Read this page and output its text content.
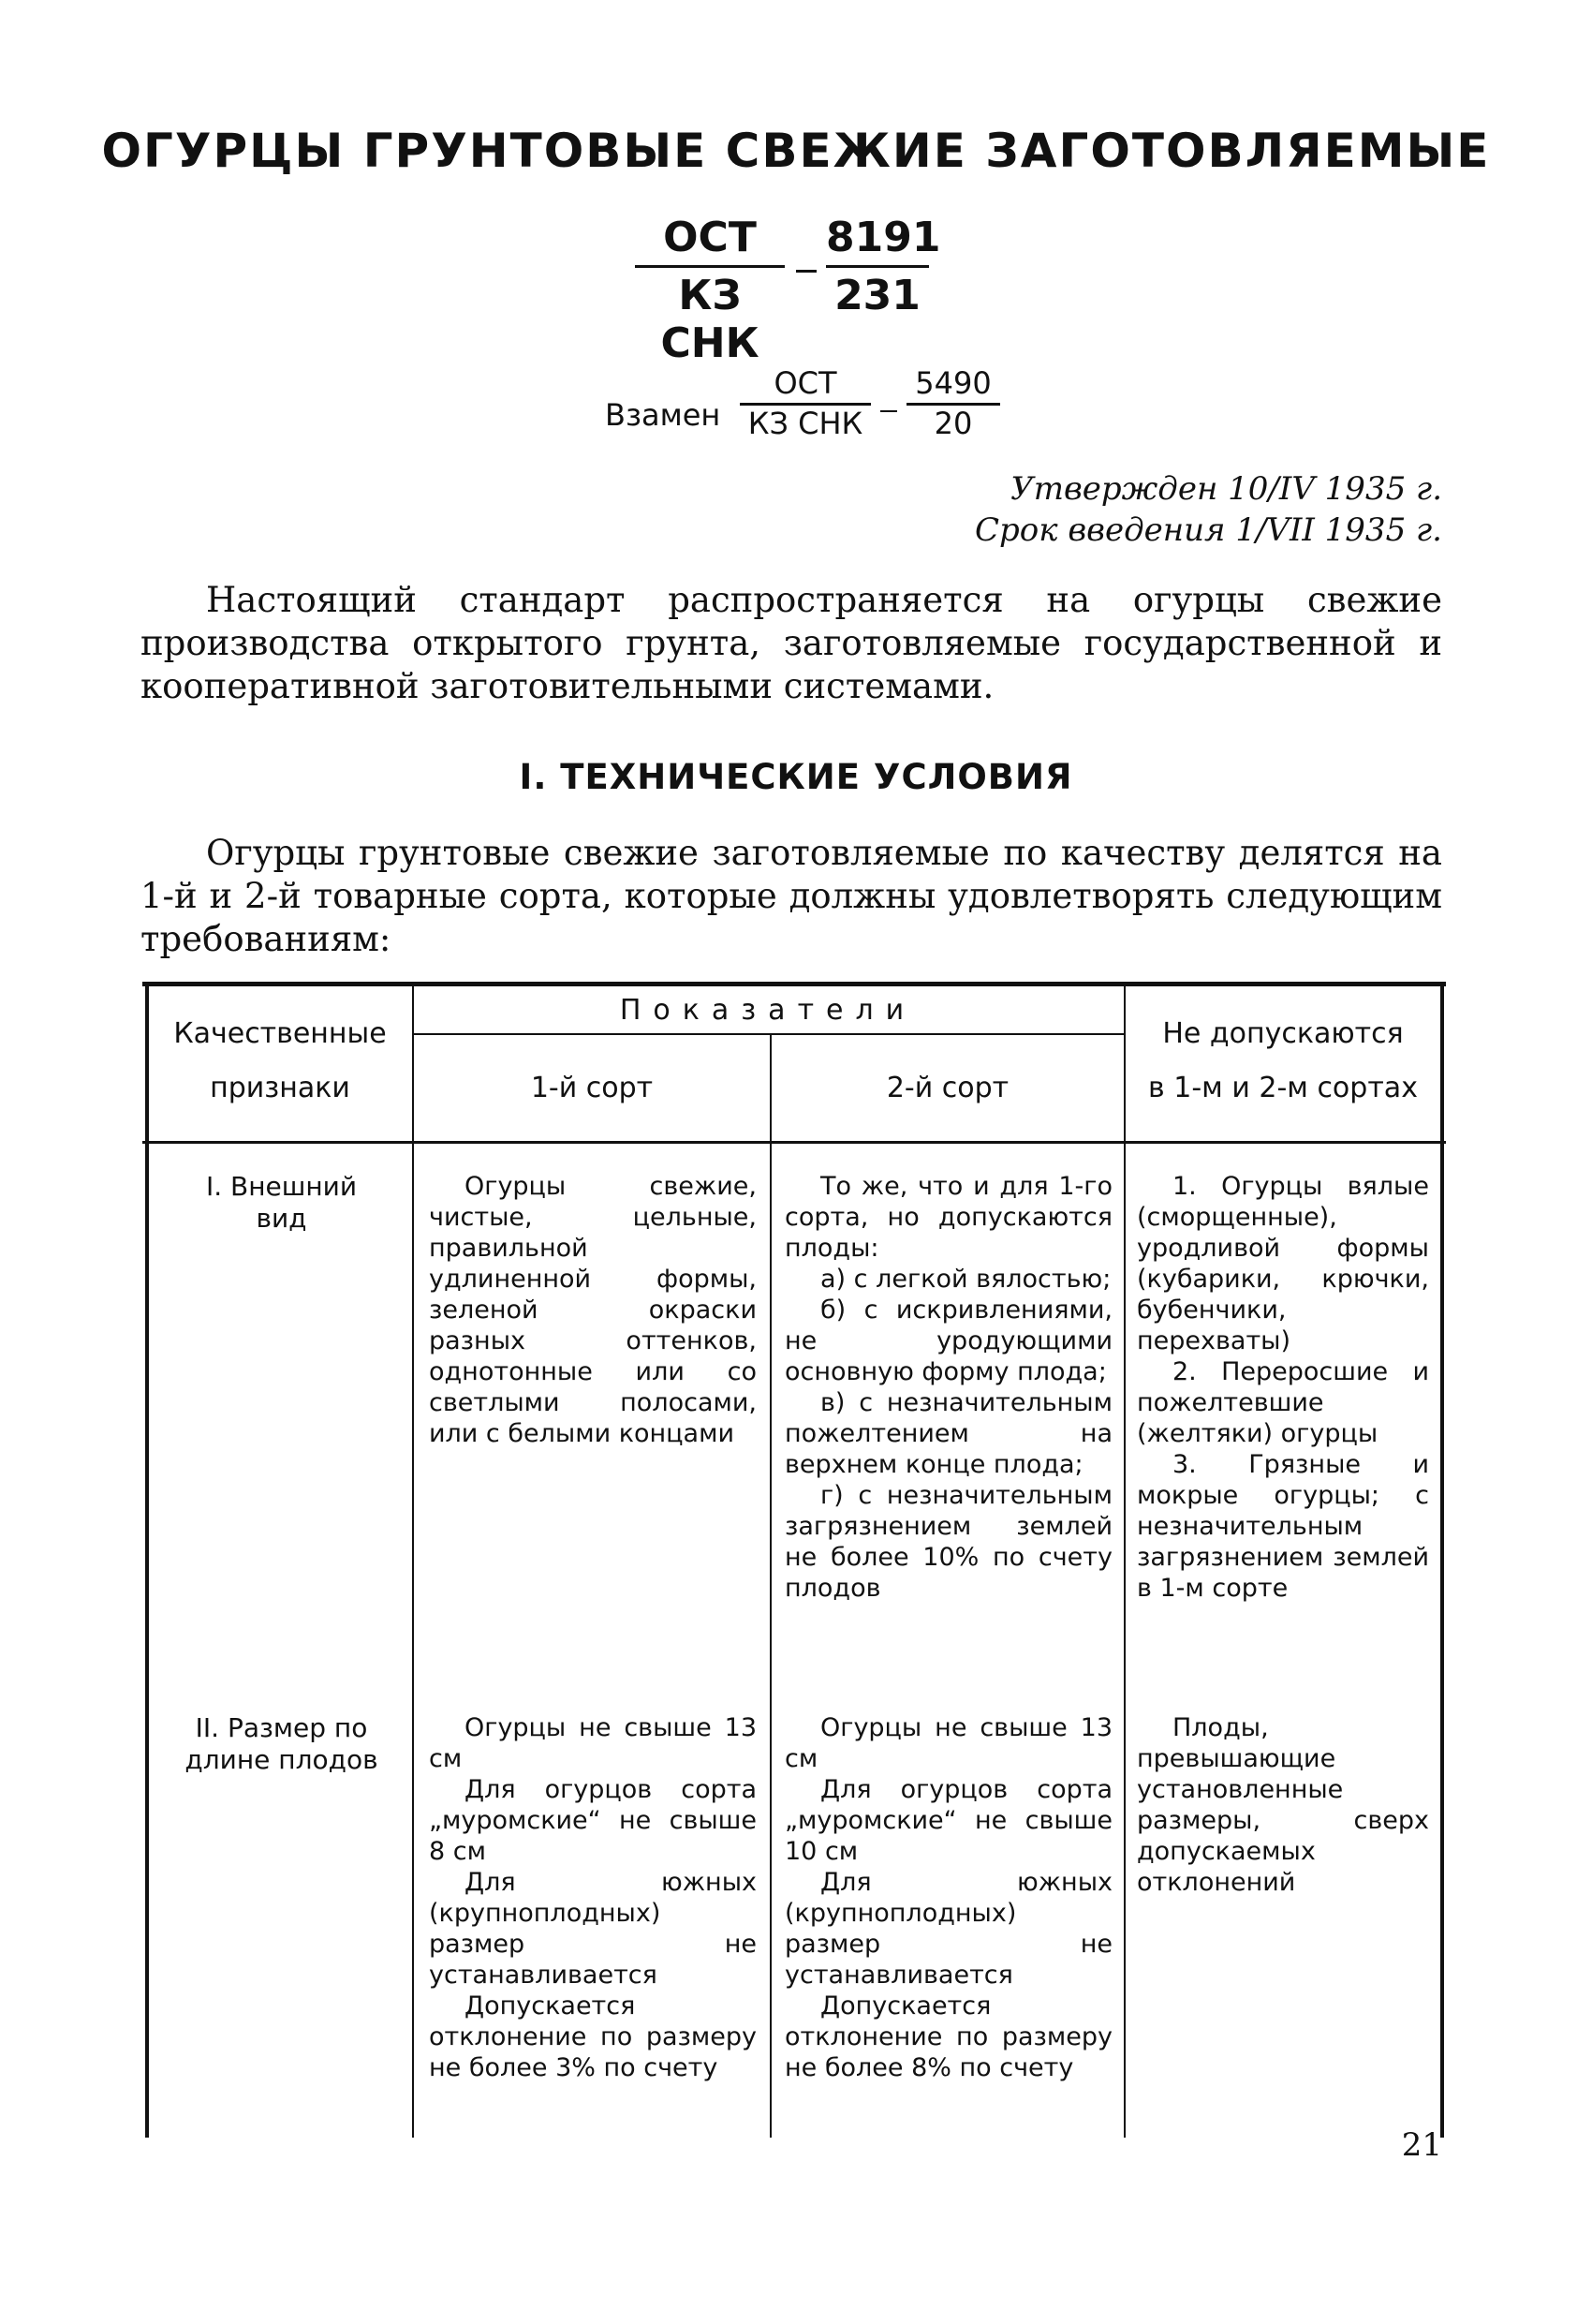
ОГУРЦЫ ГРУНТОВЫЕ СВЕЖИЕ ЗАГОТОВЛЯЕМЫЕ
ОСТ
КЗ СНК
$\frac{8191}{231}$
Взамен
ОСТ
КЗ СНК $\frac{5490}{20}$
Утвержден 10/IV 1935 г.
Срок введения 1/VII 1935 г.
Настоящий стандарт распространяется на огурцы свежие производства открытого грунта, заготовляемые государственной и кооперативной заготовительными системами.
I. ТЕХНИЧЕСКИЕ УСЛОВИЯ
Огурцы грунтовые свежие заготовляемые по качеству делятся на 1-й и 2-й товарные сорта, которые должны удовлетворять следующим требованиям:
Качественные
признаки
Показатели
1-й сорт	2-й сорт
Не допускаются
в 1-м и 2-м сортах
I. Внешний
вид

Огурцы свежие, чистые, цельные, правильной удлиненной формы, зеленой окраски разных оттенков, однотонные или со светлыми полосами, или с белыми концами

То же, что и для 1-го сорта, но допускаются плоды:

а) с легкой вялостью;

б) с искривлениями, не уродующими основную форму плода;

в) с незначительным пожелтением на верхнем конце плода;

г) с незначительным загрязнением землей не более 10% по счету плодов

1. Огурцы вялые (сморщенные), уродливой формы (кубарики, крючки, бубенчики, перехваты)

2. Переросшие и пожелтевшие (желтяки) огурцы

3. Грязные и мокрые огурцы; с незначительным загрязнением землей в 1-м сорте

II. Размер по
длине плодов

Огурцы не свыше 13 см

Для огурцов сорта „муромские“ не свыше 8 см

Для южных (крупноплодных) размер не устанавливается

Допускается отклонение по размеру не более 3% по счету

Огурцы не свыше 13 см

Для огурцов сорта „муромские“ не свыше 10 см

Для южных (крупноплодных) размер не устанавливается

Допускается отклонение по размеру не более 8% по счету

Плоды, превышающие установленные размеры, сверх допускаемых отклонений

21
